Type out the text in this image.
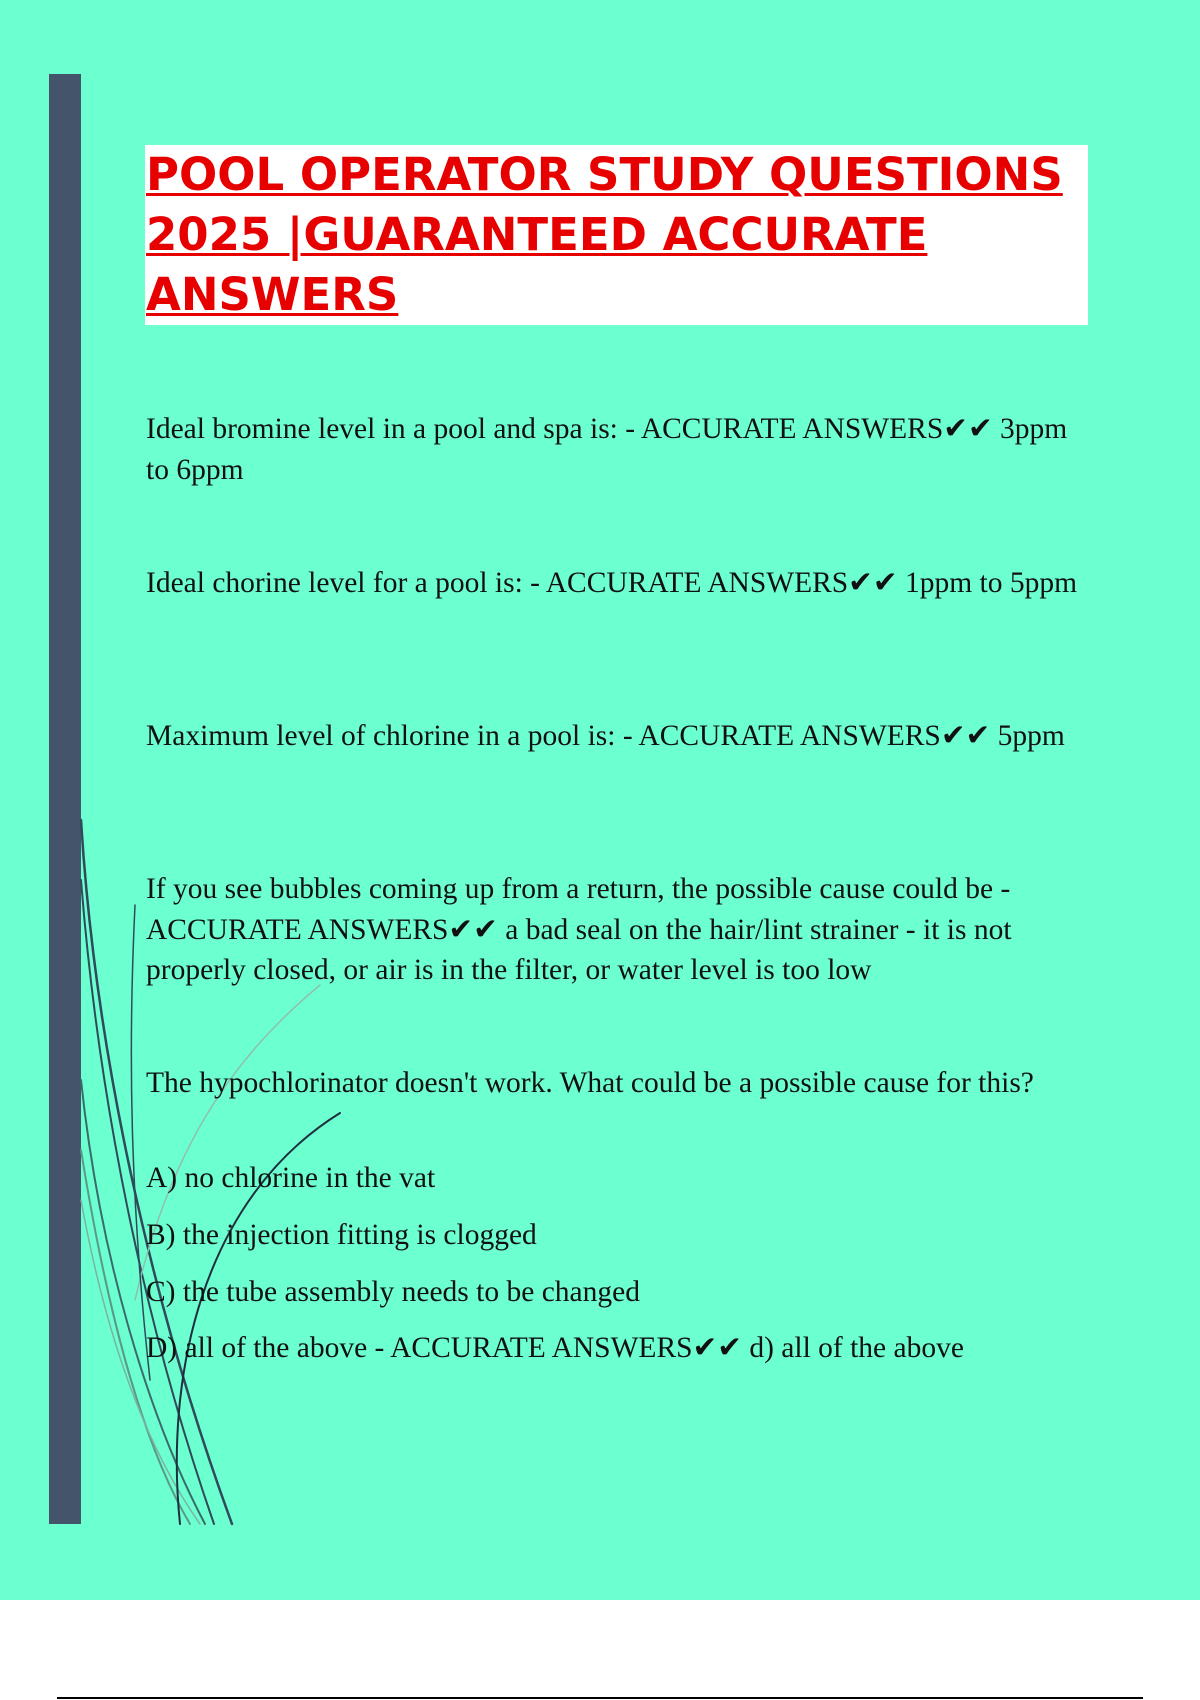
POOL OPERATOR STUDY QUESTIONS 2025 |GUARANTEED ACCURATE ANSWERS

Ideal bromine level in a pool and spa is: - ACCURATE ANSWERS✔✔ 3ppm to 6ppm

Ideal chorine level for a pool is: - ACCURATE ANSWERS✔✔ 1ppm to 5ppm

Maximum level of chlorine in a pool is: - ACCURATE ANSWERS✔✔ 5ppm

If you see bubbles coming up from a return, the possible cause could be - ACCURATE ANSWERS✔✔ a bad seal on the hair/lint strainer - it is not properly closed, or air is in the filter, or water level is too low

The hypochlorinator doesn't work. What could be a possible cause for this?

A) no chlorine in the vat

B) the injection fitting is clogged

C) the tube assembly needs to be changed

D) all of the above - ACCURATE ANSWERS✔✔ d) all of the above
